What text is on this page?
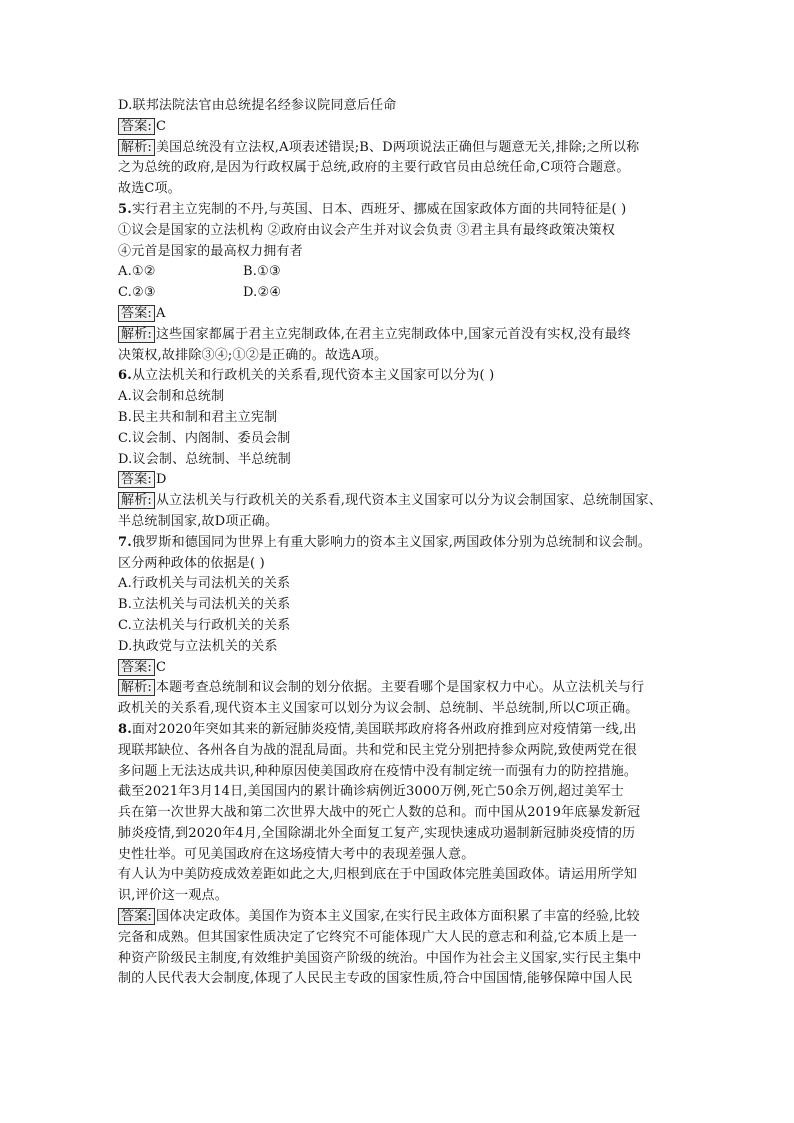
D.联邦法院法官由总统提名经参议院同意后任命
答案: C
解析: 美国总统没有立法权,A项表述错误;B、D两项说法正确但与题意无关,排除;之所以称
之为总统的政府,是因为行政权属于总统,政府的主要行政官员由总统任命,C项符合题意。
故选C项。
5.实行君主立宪制的不丹,与英国、日本、西班牙、挪威在国家政体方面的共同特征是( )
①议会是国家的立法机构 ②政府由议会产生并对议会负责 ③君主具有最终政策决策权
④元首是国家的最高权力拥有者
A.①②	B.①③
C.②③	D.②④
答案: A
解析: 这些国家都属于君主立宪制政体,在君主立宪制政体中,国家元首没有实权,没有最终
决策权,故排除③④;①②是正确的。故选A项。
6.从立法机关和行政机关的关系看,现代资本主义国家可以分为( )
A.议会制和总统制
B.民主共和制和君主立宪制
C.议会制、内阁制、委员会制
D.议会制、总统制、半总统制
答案: D
解析: 从立法机关与行政机关的关系看,现代资本主义国家可以分为议会制国家、总统制国家、
半总统制国家,故D项正确。
7.俄罗斯和德国同为世界上有重大影响力的资本主义国家,两国政体分别为总统制和议会制。
区分两种政体的依据是( )
A.行政机关与司法机关的关系
B.立法机关与司法机关的关系
C.立法机关与行政机关的关系
D.执政党与立法机关的关系
答案: C
解析: 本题考查总统制和议会制的划分依据。主要看哪个是国家权力中心。从立法机关与行
政机关的关系看,现代资本主义国家可以划分为议会制、总统制、半总统制,所以C项正确。
8.面对2020年突如其来的新冠肺炎疫情,美国联邦政府将各州政府推到应对疫情第一线,出
现联邦缺位、各州各自为战的混乱局面。共和党和民主党分别把持参众两院,致使两党在很
多问题上无法达成共识,种种原因使美国政府在疫情中没有制定统一而强有力的防控措施。
截至2021年3月14日,美国国内的累计确诊病例近3000万例,死亡50余万例,超过美军士
兵在第一次世界大战和第二次世界大战中的死亡人数的总和。而中国从2019年底暴发新冠
肺炎疫情,到2020年4月,全国除湖北外全面复工复产,实现快速成功遏制新冠肺炎疫情的历
史性壮举。可见美国政府在这场疫情大考中的表现差强人意。
有人认为中美防疫成效差距如此之大,归根到底在于中国政体完胜美国政体。请运用所学知
识,评价这一观点。
答案: 国体决定政体。美国作为资本主义国家,在实行民主政体方面积累了丰富的经验,比较
完备和成熟。但其国家性质决定了它终究不可能体现广大人民的意志和利益,它本质上是一
种资产阶级民主制度,有效维护美国资产阶级的统治。中国作为社会主义国家,实行民主集中
制的人民代表大会制度,体现了人民民主专政的国家性质,符合中国国情,能够保障中国人民
